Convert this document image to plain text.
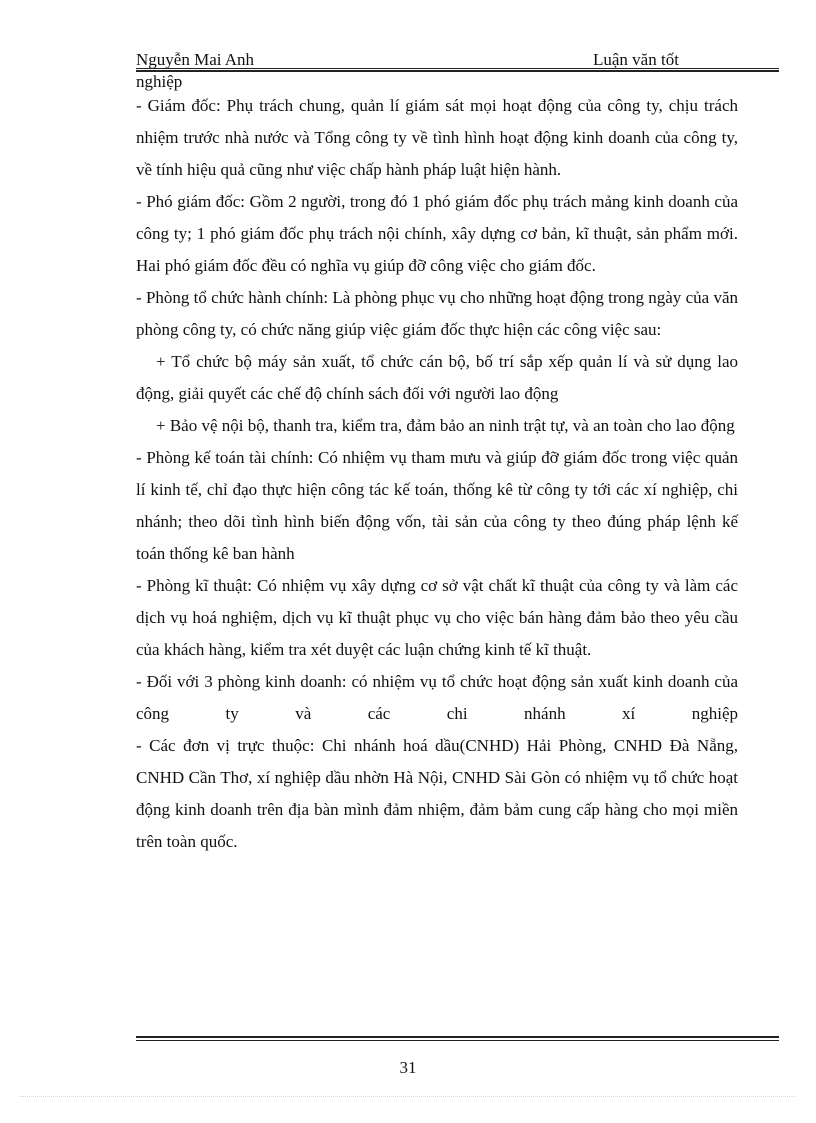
Nguyễn Mai Anh	Luận văn tốt
nghiệp

- Giám đốc: Phụ trách chung, quản lí giám sát mọi hoạt động của công ty, chịu trách nhiệm trước nhà nước và Tổng công ty về tình hình hoạt động kinh doanh của công ty, về tính hiệu quả cũng như việc chấp hành pháp luật hiện hành.

- Phó giám đốc: Gồm 2 người, trong đó 1 phó giám đốc phụ trách mảng kinh doanh của công ty; 1 phó giám đốc phụ trách nội chính, xây dựng cơ bản, kĩ thuật, sản phẩm mới. Hai phó giám đốc đều có nghĩa vụ giúp đỡ công việc cho giám đốc.

- Phòng tổ chức hành chính: Là phòng phục vụ cho những hoạt động trong ngày của văn phòng công ty, có chức năng giúp việc giám đốc thực hiện các công việc sau:

+ Tổ chức bộ máy sản xuất, tổ chức cán bộ, bố trí sắp xếp quản lí và sử dụng lao động, giải quyết các chế độ chính sách đối với người lao động

+ Bảo vệ nội bộ, thanh tra, kiểm tra, đảm bảo an ninh trật tự, và an toàn cho lao động

- Phòng kế toán tài chính: Có nhiệm vụ tham mưu và giúp đỡ giám đốc trong việc quản lí kinh tế, chỉ đạo thực hiện công tác kế toán, thống kê từ công ty tới các xí nghiệp, chi nhánh; theo dõi tình hình biến động vốn, tài sản của công ty theo đúng pháp lệnh kế toán thống kê ban hành

- Phòng kĩ thuật: Có nhiệm vụ xây dựng cơ sở vật chất kĩ thuật của công ty và làm các dịch vụ hoá nghiệm, dịch vụ kĩ thuật phục vụ cho việc bán hàng đảm bảo theo yêu cầu của khách hàng, kiểm tra xét duyệt các luận chứng kinh tế kĩ thuật.

- Đối với 3 phòng kinh doanh: có nhiệm vụ tổ chức hoạt động sản xuất kinh doanh của công ty và các chi nhánh xí nghiệp

- Các đơn vị trực thuộc: Chi nhánh hoá dầu(CNHD) Hải Phòng, CNHD Đà Nẵng, CNHD Cần Thơ, xí nghiệp dầu nhờn Hà Nội, CNHD Sài Gòn có nhiệm vụ tổ chức hoạt động kinh doanh trên địa bàn mình đảm nhiệm, đảm bảm cung cấp hàng cho mọi miền trên toàn quốc.

31
